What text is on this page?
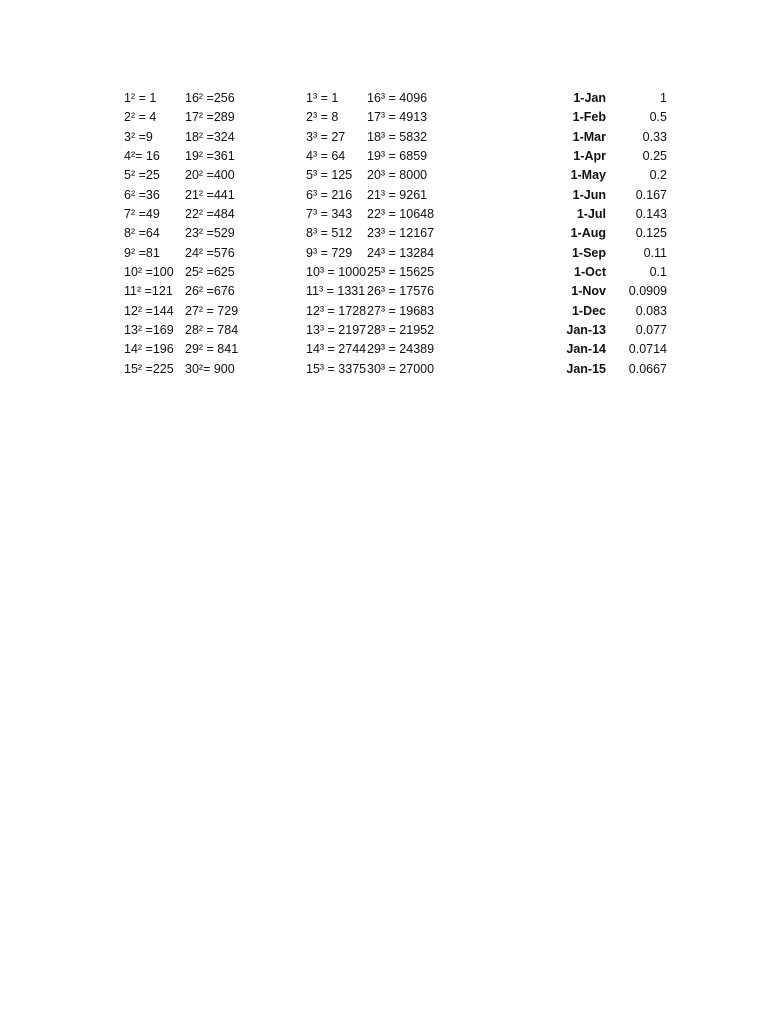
1² = 1
2² = 4
3² =9
4²= 16
5² =25
6² =36
7² =49
8² =64
9² =81
10² =100
11² =121
12² =144
13² =169
14² =196
15² =225
16² =256
17² =289
18² =324
19² =361
20² =400
21² =441
22² =484
23² =529
24² =576
25² =625
26² =676
27² = 729
28² = 784
29² = 841
30²= 900
1³ = 1
2³ = 8
3³ = 27
4³ = 64
5³ = 125
6³ = 216
7³ = 343
8³ = 512
9³ = 729
10³ = 1000
11³ = 1331
12³ = 1728
13³ = 2197
14³ = 2744
15³ = 3375
16³ = 4096
17³ = 4913
18³ = 5832
19³ = 6859
20³ = 8000
21³ = 9261
22³ = 10648
23³ = 12167
24³ = 13284
25³ = 15625
26³ = 17576
27³ = 19683
28³ = 21952
29³ = 24389
30³ = 27000
1-Jan
1-Feb
1-Mar
1-Apr
1-May
1-Jun
1-Jul
1-Aug
1-Sep
1-Oct
1-Nov
1-Dec
Jan-13
Jan-14
Jan-15
1
0.5
0.33
0.25
0.2
0.167
0.143
0.125
0.11
0.1
0.0909
0.083
0.077
0.0714
0.0667
